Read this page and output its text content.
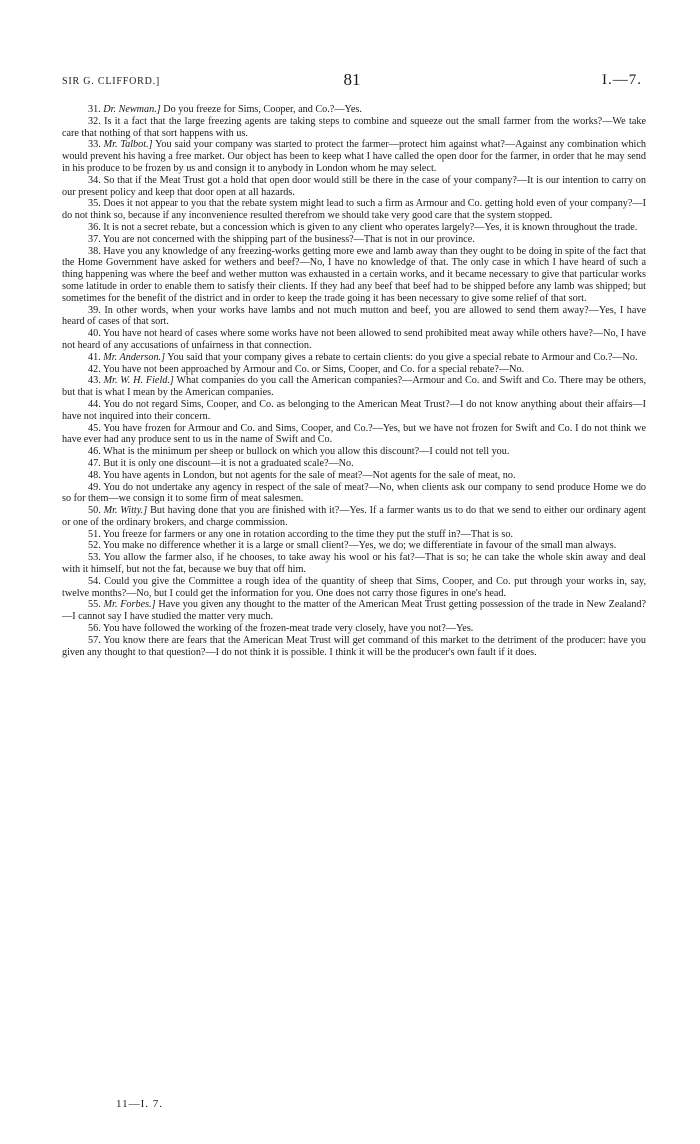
SIR G. CLIFFORD.]	81	I.—7.

31. Dr. Newman.] Do you freeze for Sims, Cooper, and Co.?—Yes.

32. Is it a fact that the large freezing agents are taking steps to combine and squeeze out the small farmer from the works?—We take care that nothing of that sort happens with us.

33. Mr. Talbot.] You said your company was started to protect the farmer—protect him against what?—Against any combination which would prevent his having a free market. Our object has been to keep what I have called the open door for the farmer, in order that he may send in his produce to be frozen by us and consign it to anybody in London whom he may select.

34. So that if the Meat Trust got a hold that open door would still be there in the case of your company?—It is our intention to carry on our present policy and keep that door open at all hazards.

35. Does it not appear to you that the rebate system might lead to such a firm as Armour and Co. getting hold even of your company?—I do not think so, because if any inconvenience resulted therefrom we should take very good care that the system stopped.

36. It is not a secret rebate, but a concession which is given to any client who operates largely?—Yes, it is known throughout the trade.

37. You are not concerned with the shipping part of the business?—That is not in our province.

38. Have you any knowledge of any freezing-works getting more ewe and lamb away than they ought to be doing in spite of the fact that the Home Government have asked for wethers and beef?—No, I have no knowledge of that. The only case in which I have heard of such a thing happening was where the beef and wether mutton was exhausted in a certain works, and it became necessary to give that particular works some latitude in order to enable them to satisfy their clients. If they had any beef that beef had to be shipped before any lamb was shipped; but sometimes for the benefit of the district and in order to keep the trade going it has been necessary to give some relief of that sort.

39. In other words, when your works have lambs and not much mutton and beef, you are allowed to send them away?—Yes, I have heard of cases of that sort.

40. You have not heard of cases where some works have not been allowed to send prohibited meat away while others have?—No, I have not heard of any accusations of unfairness in that connection.

41. Mr. Anderson.] You said that your company gives a rebate to certain clients: do you give a special rebate to Armour and Co.?—No.

42. You have not been approached by Armour and Co. or Sims, Cooper, and Co. for a special rebate?—No.

43. Mr. W. H. Field.] What companies do you call the American companies?—Armour and Co. and Swift and Co. There may be others, but that is what I mean by the American companies.

44. You do not regard Sims, Cooper, and Co. as belonging to the American Meat Trust?—I do not know anything about their affairs—I have not inquired into their concern.

45. You have frozen for Armour and Co. and Sims, Cooper, and Co.?—Yes, but we have not frozen for Swift and Co. I do not think we have ever had any produce sent to us in the name of Swift and Co.

46. What is the minimum per sheep or bullock on which you allow this discount?—I could not tell you.

47. But it is only one discount—it is not a graduated scale?—No.

48. You have agents in London, but not agents for the sale of meat?—Not agents for the sale of meat, no.

49. You do not undertake any agency in respect of the sale of meat?—No, when clients ask our company to send produce Home we do so for them—we consign it to some firm of meat salesmen.

50. Mr. Witty.] But having done that you are finished with it?—Yes. If a farmer wants us to do that we send to either our ordinary agent or one of the ordinary brokers, and charge commission.

51. You freeze for farmers or any one in rotation according to the time they put the stuff in?—That is so.

52. You make no difference whether it is a large or small client?—Yes, we do; we differentiate in favour of the small man always.

53. You allow the farmer also, if he chooses, to take away his wool or his fat?—That is so; he can take the whole skin away and deal with it himself, but not the fat, because we buy that off him.

54. Could you give the Committee a rough idea of the quantity of sheep that Sims, Cooper, and Co. put through your works in, say, twelve months?—No, but I could get the information for you. One does not carry those figures in one's head.

55. Mr. Forbes.] Have you given any thought to the matter of the American Meat Trust getting possession of the trade in New Zealand?—I cannot say I have studied the matter very much.

56. You have followed the working of the frozen-meat trade very closely, have you not?—Yes.

57. You know there are fears that the American Meat Trust will get command of this market to the detriment of the producer: have you given any thought to that question?—I do not think it is possible. I think it will be the producer's own fault if it does.

11—I. 7.
